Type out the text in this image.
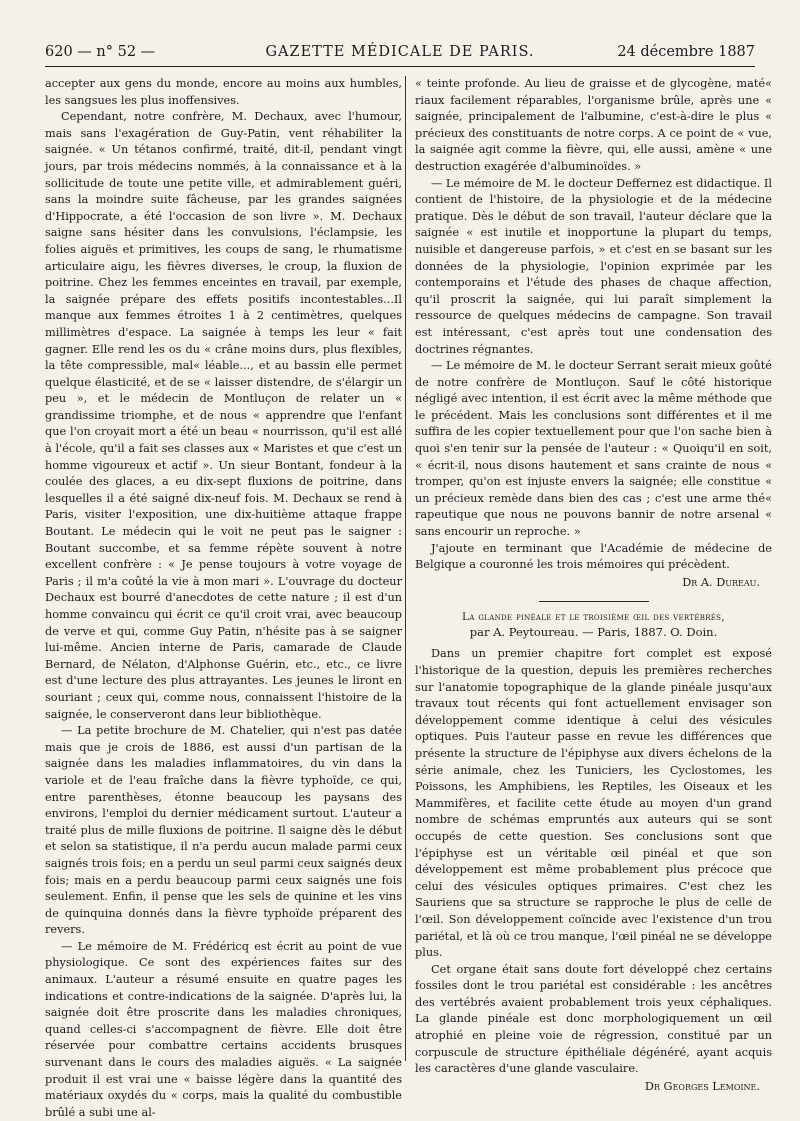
620 — n° 52 —	GAZETTE MÉDICALE DE PARIS.	24 décembre 1887

accepter aux gens du monde, encore au moins aux humbles, les sangsues les plus inoffensives.

Cependant, notre confrère, M. Dechaux, avec l'humour, mais sans l'exagération de Guy-Patin, vent réhabiliter la saignée. « Un tétanos confirmé, traité, dit-il, pendant vingt jours, par trois médecins nommés, à la connaissance et à la sollicitude de toute une petite ville, et admirablement guéri, sans la moindre suite fâcheuse, par les grandes saignées d'Hippocrate, a été l'occasion de son livre ». M. Dechaux saigne sans hésiter dans les convulsions, l'éclampsie, les folies aiguës et primitives, les coups de sang, le rhumatisme articulaire aigu, les fièvres diverses, le croup, la fluxion de poitrine. Chez les femmes enceintes en travail, par exemple, la saignée prépare des effets positifs incontestables...Il manque aux femmes étroites 1 à 2 centimètres, quelques millimètres d'espace. La saignée à temps les leur « fait gagner. Elle rend les os du « crâne moins durs, plus flexibles, la tête compressible, mal« léable..., et au bassin elle permet quelque élasticité, et de se « laisser distendre, de s'élargir un peu », et le médecin de Montluçon de relater un « grandissime triomphe, et de nous « apprendre que l'enfant que l'on croyait mort a été un beau « nourrisson, qu'il est allé à l'école, qu'il a fait ses classes aux « Maristes et que c'est un homme vigoureux et actif ». Un sieur Bontant, fondeur à la coulée des glaces, a eu dix-sept fluxions de poitrine, dans lesquelles il a été saigné dix-neuf fois. M. Dechaux se rend à Paris, visiter l'exposition, une dix-huitième attaque frappe Boutant. Le médecin qui le voit ne peut pas le saigner : Boutant succombe, et sa femme répète souvent à notre excellent confrère : « Je pense toujours à votre voyage de Paris ; il m'a coûté la vie à mon mari ». L'ouvrage du docteur Dechaux est bourré d'anecdotes de cette nature ; il est d'un homme convaincu qui écrit ce qu'il croit vrai, avec beaucoup de verve et qui, comme Guy Patin, n'hésite pas à se saigner lui-même. Ancien interne de Paris, camarade de Claude Bernard, de Nélaton, d'Alphonse Guérin, etc., etc., ce livre est d'une lecture des plus attrayantes. Les jeunes le liront en souriant ; ceux qui, comme nous, connaissent l'histoire de la saignée, le conserveront dans leur bibliothèque.

— La petite brochure de M. Chatelier, qui n'est pas datée mais que je crois de 1886, est aussi d'un partisan de la saignée dans les maladies inflammatoires, du vin dans la variole et de l'eau fraîche dans la fièvre typhoïde, ce qui, entre parenthèses, étonne beaucoup les paysans des environs, l'emploi du dernier médicament surtout. L'auteur a traité plus de mille fluxions de poitrine. Il saigne dès le début et selon sa statistique, il n'a perdu aucun malade parmi ceux saignés trois fois; en a perdu un seul parmi ceux saignés deux fois; mais en a perdu beaucoup parmi ceux saignés une fois seulement. Enfin, il pense que les sels de quinine et les vins de quinquina donnés dans la fièvre typhoïde préparent des revers.

— Le mémoire de M. Frédéricq est écrit au point de vue physiologique. Ce sont des expériences faites sur des animaux. L'auteur a résumé ensuite en quatre pages les indications et contre-indications de la saignée. D'après lui, la saignée doit être proscrite dans les maladies chroniques, quand celles-ci s'accompagnent de fièvre. Elle doit être réservée pour combattre certains accidents brusques survenant dans le cours des maladies aiguës. « La saignée produit il est vrai une « baisse légère dans la quantité des matériaux oxydés du « corps, mais la qualité du combustible brûlé a subi une al-

« teinte profonde. Au lieu de graisse et de glycogène, maté« riaux facilement réparables, l'organisme brûle, après une « saignée, principalement de l'albumine, c'est-à-dire le plus « précieux des constituants de notre corps. A ce point de « vue, la saignée agit comme la fièvre, qui, elle aussi, amène « une destruction exagérée d'albuminoïdes. »

— Le mémoire de M. le docteur Deffernez est didactique. Il contient de l'histoire, de la physiologie et de la médecine pratique. Dès le début de son travail, l'auteur déclare que la saignée « est inutile et inopportune la plupart du temps, nuisible et dangereuse parfois, » et c'est en se basant sur les données de la physiologie, l'opinion exprimée par les contemporains et l'étude des phases de chaque affection, qu'il proscrit la saignée, qui lui paraît simplement la ressource de quelques médecins de campagne. Son travail est intéressant, c'est après tout une condensation des doctrines régnantes.

— Le mémoire de M. le docteur Serrant serait mieux goûté de notre confrère de Montluçon. Sauf le côté historique négligé avec intention, il est écrit avec la même méthode que le précédent. Mais les conclusions sont différentes et il me suffira de les copier textuellement pour que l'on sache bien à quoi s'en tenir sur la pensée de l'auteur : « Quoiqu'il en soit, « écrit-il, nous disons hautement et sans crainte de nous « tromper, qu'on est injuste envers la saignée; elle constitue « un précieux remède dans bien des cas ; c'est une arme thé« rapeutique que nous ne pouvons bannir de notre arsenal « sans encourir un reproche. »

J'ajoute en terminant que l'Académie de médecine de Belgique a couronné les trois mémoires qui précèdent.

Dr A. Dureau.

La glande pinéale et le troisième œil des vertébrés,
par A. Peytoureau. — Paris, 1887. O. Doin.

Dans un premier chapitre fort complet est exposé l'historique de la question, depuis les premières recherches sur l'anatomie topographique de la glande pinéale jusqu'aux travaux tout récents qui font actuellement envisager son développement comme identique à celui des vésicules optiques. Puis l'auteur passe en revue les différences que présente la structure de l'épiphyse aux divers échelons de la série animale, chez les Tuniciers, les Cyclostomes, les Poissons, les Amphibiens, les Reptiles, les Oiseaux et les Mammifères, et facilite cette étude au moyen d'un grand nombre de schémas empruntés aux auteurs qui se sont occupés de cette question. Ses conclusions sont que l'épiphyse est un véritable œil pinéal et que son développement est même probablement plus précoce que celui des vésicules optiques primaires. C'est chez les Sauriens que sa structure se rapproche le plus de celle de l'œil. Son développement coïncide avec l'existence d'un trou pariétal, et là où ce trou manque, l'œil pinéal ne se développe plus.

Cet organe était sans doute fort développé chez certains fossiles dont le trou pariétal est considérable : les ancêtres des vertébrés avaient probablement trois yeux céphaliques. La glande pinéale est donc morphologiquement un œil atrophié en pleine voie de régression, constitué par un corpuscule de structure épithéliale dégénéré, ayant acquis les caractères d'une glande vasculaire.

Dr Georges Lemoine.
